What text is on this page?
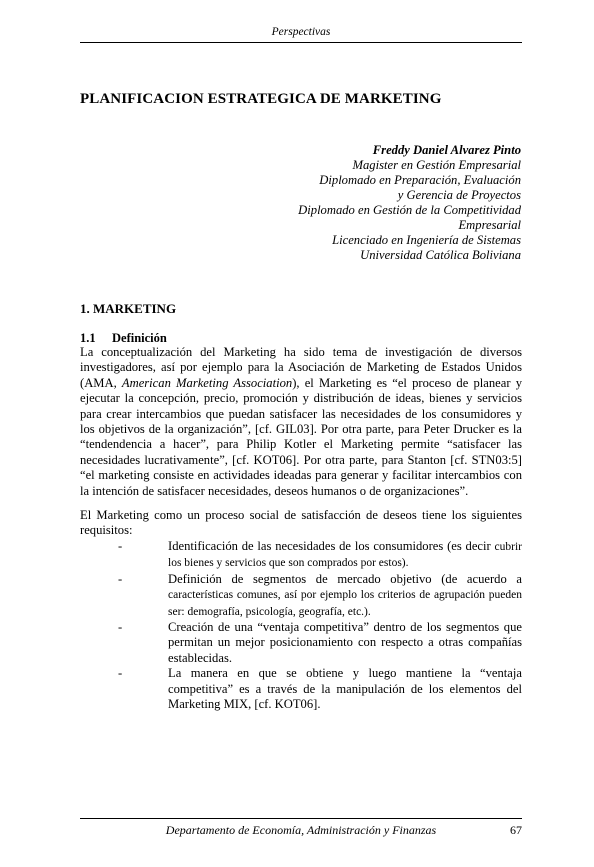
Perspectivas
PLANIFICACION ESTRATEGICA DE MARKETING
Freddy Daniel Alvarez Pinto
Magister en Gestión Empresarial
Diplomado en Preparación, Evaluación
y Gerencia de Proyectos
Diplomado en Gestión de la Competitividad
Empresarial
Licenciado en Ingeniería de Sistemas
Universidad Católica Boliviana
1. MARKETING
1.1 Definición
La conceptualización del Marketing ha sido tema de investigación de diversos investigadores, así por ejemplo para la Asociación de Marketing de Estados Unidos (AMA, American Marketing Association), el Marketing es “el proceso de planear y ejecutar la concepción, precio, promoción y distribución de ideas, bienes y servicios para crear intercambios que puedan satisfacer las necesidades de los consumidores y los objetivos de la organización”, [cf. GIL03]. Por otra parte, para Peter Drucker es la “tendendencia a hacer”, para Philip Kotler el Marketing permite “satisfacer las necesidades lucrativamente”, [cf. KOT06]. Por otra parte, para Stanton [cf. STN03:5] “el marketing consiste en actividades ideadas para generar y facilitar intercambios con la intención de satisfacer necesidades, deseos humanos o de organizaciones”.
El Marketing como un proceso social de satisfacción de deseos tiene los siguientes requisitos:
-	Identificación de las necesidades de los consumidores (es decir cubrir los bienes y servicios que son comprados por estos).
-	Definición de segmentos de mercado objetivo (de acuerdo a características comunes, así por ejemplo los criterios de agrupación pueden ser: demografía, psicología, geografía, etc.).
-	Creación de una “ventaja competitiva” dentro de los segmentos que permitan un mejor posicionamiento con respecto a otras compañías establecidas.
-	La manera en que se obtiene y luego mantiene la “ventaja competitiva” es a través de la manipulación de los elementos del Marketing MIX, [cf. KOT06].
Departamento de Economía, Administración y Finanzas	67
